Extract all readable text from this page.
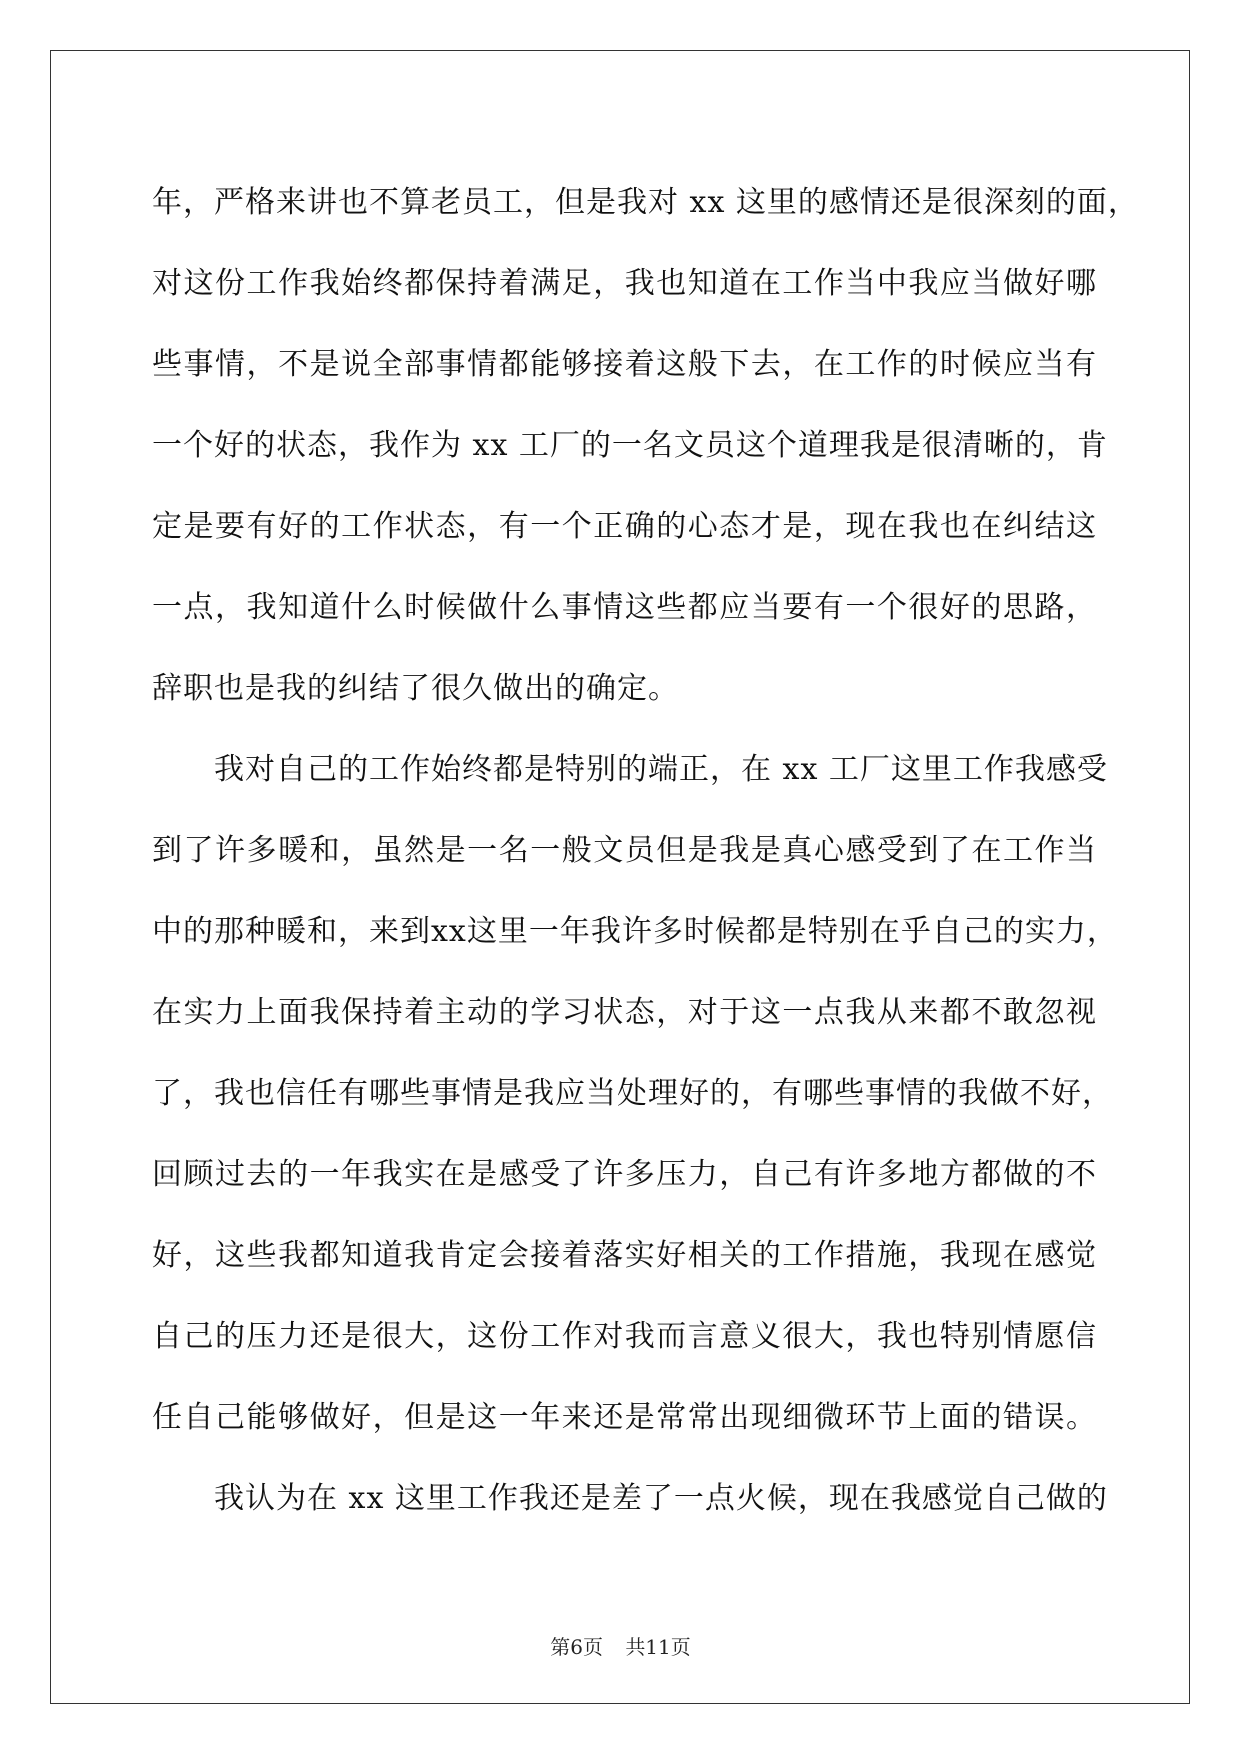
年，严格来讲也不算老员工，但是我对 xx 这里的感情还是很深刻的面，
对这份工作我始终都保持着满足，我也知道在工作当中我应当做好哪
些事情，不是说全部事情都能够接着这般下去，在工作的时候应当有
一个好的状态，我作为 xx 工厂的一名文员这个道理我是很清晰的，肯
定是要有好的工作状态，有一个正确的心态才是，现在我也在纠结这
一点，我知道什么时候做什么事情这些都应当要有一个很好的思路，
辞职也是我的纠结了很久做出的确定。
我对自己的工作始终都是特别的端正，在 xx 工厂这里工作我感受
到了许多暖和，虽然是一名一般文员但是我是真心感受到了在工作当
中的那种暖和，来到xx这里一年我许多时候都是特别在乎自己的实力，
在实力上面我保持着主动的学习状态，对于这一点我从来都不敢忽视
了，我也信任有哪些事情是我应当处理好的，有哪些事情的我做不好，
回顾过去的一年我实在是感受了许多压力，自己有许多地方都做的不
好，这些我都知道我肯定会接着落实好相关的工作措施，我现在感觉
自己的压力还是很大，这份工作对我而言意义很大，我也特别情愿信
任自己能够做好，但是这一年来还是常常出现细微环节上面的错误。
我认为在 xx 这里工作我还是差了一点火候，现在我感觉自己做的
第6页 共11页
